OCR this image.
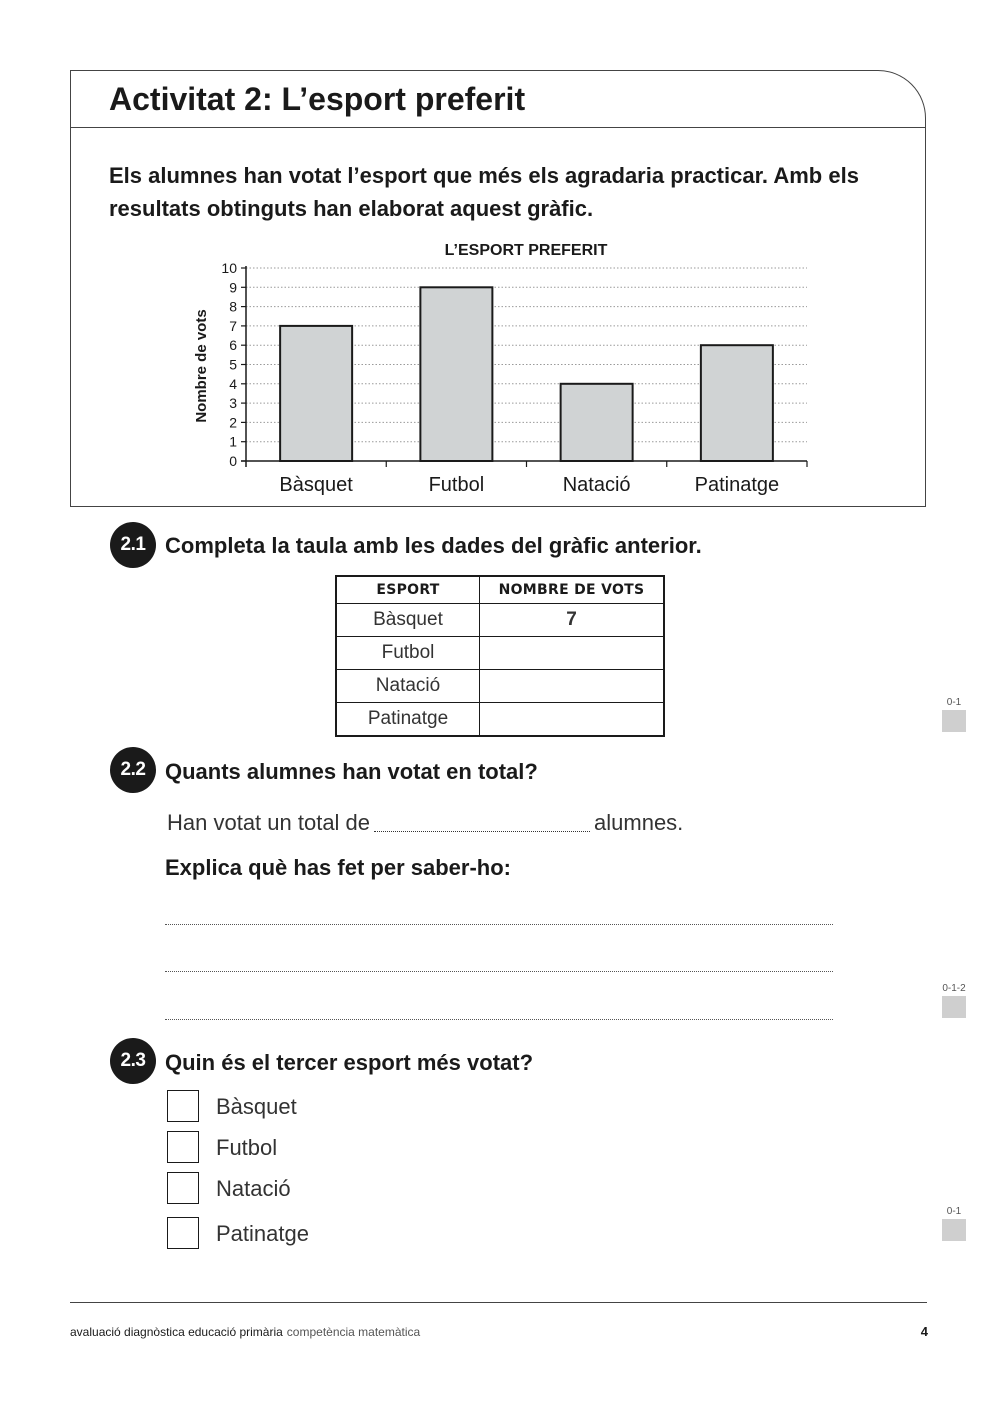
Activitat 2: L’esport preferit

Els alumnes han votat l’esport que més els agradaria practicar. Amb els resultats obtinguts han elaborat aquest gràfic.

L’ESPORT PREFERIT
Nombre de vots
0
1
2
3
4
5
6
7
8
9
10
Bàsquet	Futbol	Natació	Patinatge
2.1 Completa la taula amb les dades del gràfic anterior.

ESPORT	NOMBRE DE VOTS
Bàsquet	7
Futbol	
Natació	
Patinatge	
0-1
2.2 Quants alumnes han votat en total?

Han votat un total de	alumnes.

Explica què has fet per saber-ho:

0-1-2
2.3 Quin és el tercer esport més votat?

Bàsquet
Futbol
Natació
Patinatge
0-1
avaluació diagnòstica educació primària competència matemàtica	4
